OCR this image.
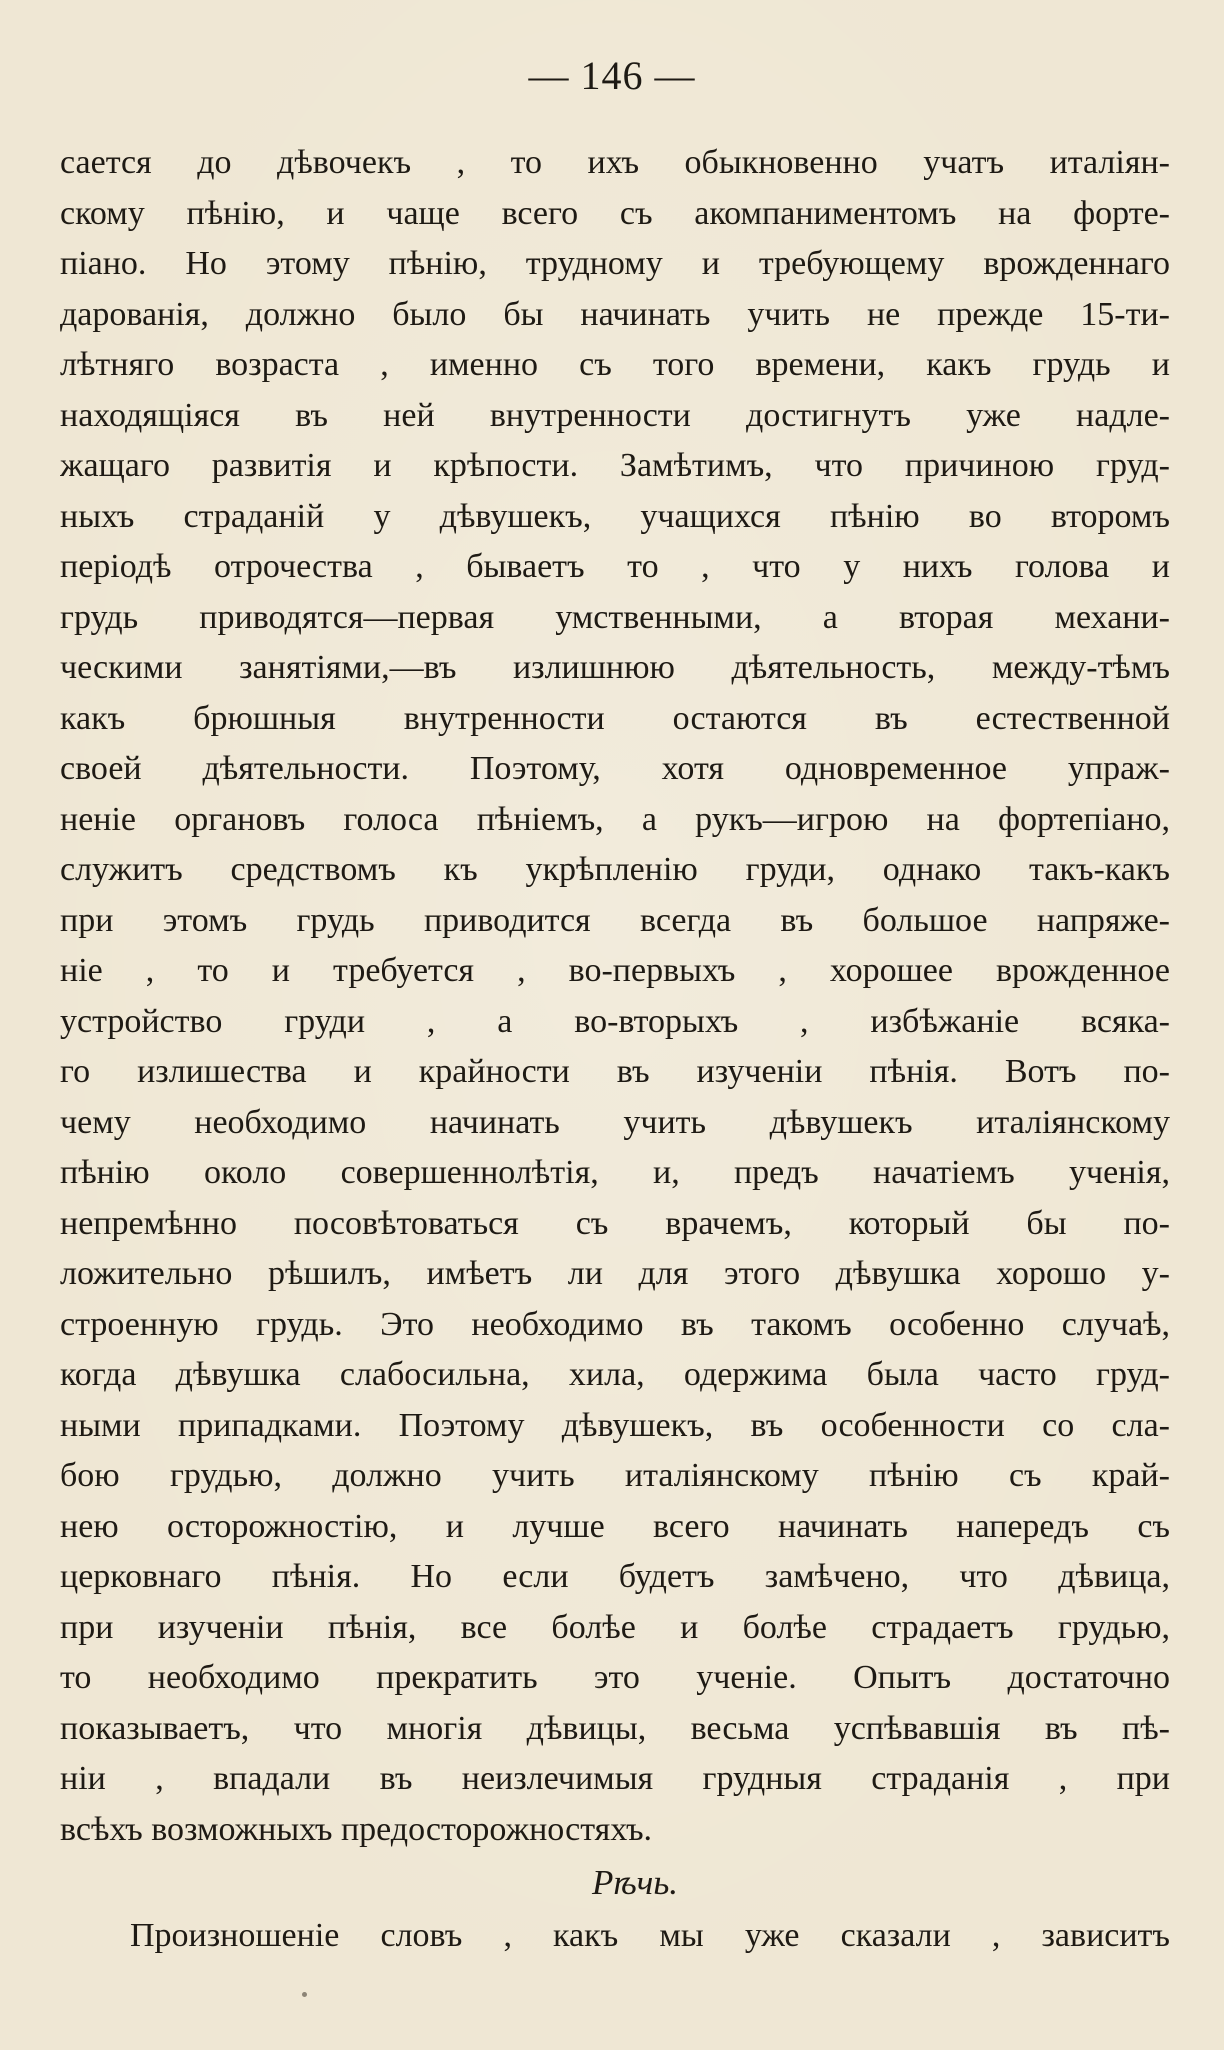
— 146 —
сается до дѣвочекъ , то ихъ обыкновенно учатъ италіян-
скому пѣнію, и чаще всего съ акомпаниментомъ на форте-
піано. Но этому пѣнію, трудному и требующему врожденнаго
дарованія, должно было бы начинать учить не прежде 15-ти-
лѣтняго возраста , именно съ того времени, какъ грудь и
находящіяся въ ней внутренности достигнутъ уже надле-
жащаго развитія и крѣпости. Замѣтимъ, что причиною груд-
ныхъ страданій у дѣвушекъ, учащихся пѣнію во второмъ
періодѣ отрочества , бываетъ то , что у нихъ голова и
грудь приводятся—первая умственными, а вторая механи-
ческими занятіями,—въ излишнюю дѣятельность, между-тѣмъ
какъ брюшныя внутренности остаются въ естественной
своей дѣятельности. Поэтому, хотя одновременное упраж-
неніе органовъ голоса пѣніемъ, а рукъ—игрою на фортепіано,
служитъ средствомъ къ укрѣпленію груди, однако такъ-какъ
при этомъ грудь приводится всегда въ большое напряже-
ніе , то и требуется , во-первыхъ , хорошее врожденное
устройство груди , а во-вторыхъ , избѣжаніе всяка-
го излишества и крайности въ изученіи пѣнія. Вотъ по-
чему необходимо начинать учить дѣвушекъ италіянскому
пѣнію около совершеннолѣтія, и, предъ начатіемъ ученія,
непремѣнно посовѣтоваться съ врачемъ, который бы по-
ложительно рѣшилъ, имѣетъ ли для этого дѣвушка хорошо у-
строенную грудь. Это необходимо въ такомъ особенно случаѣ,
когда дѣвушка слабосильна, хила, одержима была часто груд-
ными припадками. Поэтому дѣвушекъ, въ особенности со сла-
бою грудью, должно учить италіянскому пѣнію съ край-
нею осторожностію, и лучше всего начинать напередъ съ
церковнаго пѣнія. Но если будетъ замѣчено, что дѣвица,
при изученіи пѣнія, все болѣе и болѣе страдаетъ грудью,
то необходимо прекратить это ученіе. Опытъ достаточно
показываетъ, что многія дѣвицы, весьма успѣвавшія въ пѣ-
ніи , впадали въ неизлечимыя грудныя страданія , при
всѣхъ возможныхъ предосторожностяхъ.
Рѣчь.
Произношеніе словъ , какъ мы уже сказали , зависитъ
